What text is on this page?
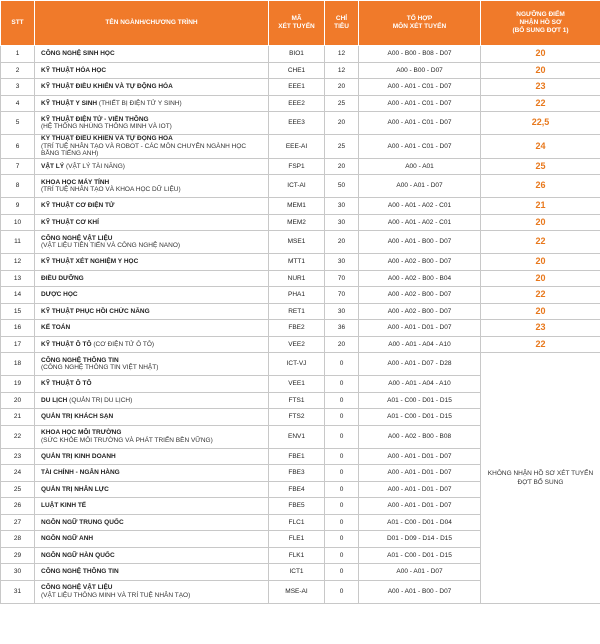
STT	TÊN NGÀNH/CHƯƠNG TRÌNH	MÃ
XÉT TUYỂN	CHỈ
TIÊU	TỔ HỢP
MÔN XÉT TUYỂN	NGƯỠNG ĐIỂM
NHẬN HỒ SƠ
(BỔ SUNG ĐỢT 1)
1	CÔNG NGHỆ SINH HỌC	BIO1	12	A00 - B00 - B08 - D07	20
2	KỸ THUẬT HÓA HỌC	CHE1	12	A00 - B00 - D07	20
3	KỸ THUẬT ĐIỀU KHIỂN VÀ TỰ ĐỘNG HÓA	EEE1	20	A00 - A01 - C01 - D07	23
4	KỸ THUẬT Y SINH (THIẾT BỊ ĐIỆN TỬ Y SINH)	EEE2	25	A00 - A01 - C01 - D07	22
5	KỸ THUẬT ĐIỆN TỬ - VIỄN THÔNG
(HỆ THỐNG NHÚNG THÔNG MINH VÀ IOT)	EEE3	20	A00 - A01 - C01 - D07	22,5
6	KỸ THUẬT ĐIỀU KHIỂN VÀ TỰ ĐỘNG HÓA
(TRÍ TUỆ NHÂN TẠO VÀ ROBOT - CÁC MÔN CHUYÊN NGÀNH HỌC BẰNG TIẾNG ANH)	EEE-AI	25	A00 - A01 - C01 - D07	24
7	VẬT LÝ (VẬT LÝ TÀI NĂNG)	FSP1	20	A00 - A01	25
8	KHOA HỌC MÁY TÍNH
(TRÍ TUỆ NHÂN TẠO VÀ KHOA HỌC DỮ LIỆU)	ICT-AI	50	A00 - A01 - D07	26
9	KỸ THUẬT CƠ ĐIỆN TỬ	MEM1	30	A00 - A01 - A02 - C01	21
10	KỸ THUẬT CƠ KHÍ	MEM2	30	A00 - A01 - A02 - C01	20
11	CÔNG NGHỆ VẬT LIỆU
(VẬT LIỆU TIÊN TIẾN VÀ CÔNG NGHỆ NANO)	MSE1	20	A00 - A01 - B00 - D07	22
12	KỸ THUẬT XÉT NGHIỆM Y HỌC	MTT1	30	A00 - A02 - B00 - D07	20
13	ĐIỀU DƯỠNG	NUR1	70	A00 - A02 - B00 - B04	20
14	DƯỢC HỌC	PHA1	70	A00 - A02 - B00 - D07	22
15	KỸ THUẬT PHỤC HỒI CHỨC NĂNG	RET1	30	A00 - A02 - B00 - D07	20
16	KẾ TOÁN	FBE2	36	A00 - A01 - D01 - D07	23
17	KỸ THUẬT Ô TÔ (CƠ ĐIỆN TỬ Ô TÔ)	VEE2	20	A00 - A01 - A04 - A10	22
18	CÔNG NGHỆ THÔNG TIN
(CÔNG NGHỆ THÔNG TIN VIỆT NHẬT)	ICT-VJ	0	A00 - A01 - D07 - D28	KHÔNG NHẬN HỒ SƠ XÉT TUYỂN ĐỢT BỔ SUNG
19	KỸ THUẬT Ô TÔ	VEE1	0	A00 - A01 - A04 - A10	
20	DU LỊCH (QUẢN TRỊ DU LỊCH)	FTS1	0	A01 - C00 - D01 - D15	
21	QUẢN TRỊ KHÁCH SẠN	FTS2	0	A01 - C00 - D01 - D15	
22	KHOA HỌC MÔI TRƯỜNG
(SỨC KHỎE MÔI TRƯỜNG VÀ PHÁT TRIỂN BỀN VỮNG)	ENV1	0	A00 - A02 - B00 - B08	
23	QUẢN TRỊ KINH DOANH	FBE1	0	A00 - A01 - D01 - D07	
24	TÀI CHÍNH - NGÂN HÀNG	FBE3	0	A00 - A01 - D01 - D07	
25	QUẢN TRỊ NHÂN LỰC	FBE4	0	A00 - A01 - D01 - D07	
26	LUẬT KINH TẾ	FBE5	0	A00 - A01 - D01 - D07	
27	NGÔN NGỮ TRUNG QUỐC	FLC1	0	A01 - C00 - D01 - D04	
28	NGÔN NGỮ ANH	FLE1	0	D01 - D09 - D14 - D15	
29	NGÔN NGỮ HÀN QUỐC	FLK1	0	A01 - C00 - D01 - D15	
30	CÔNG NGHỆ THÔNG TIN	ICT1	0	A00 - A01 - D07	
31	CÔNG NGHỆ VẬT LIỆU
(VẬT LIỆU THÔNG MINH VÀ TRÍ TUỆ NHÂN TẠO)	MSE-AI	0	A00 - A01 - B00 - D07	
